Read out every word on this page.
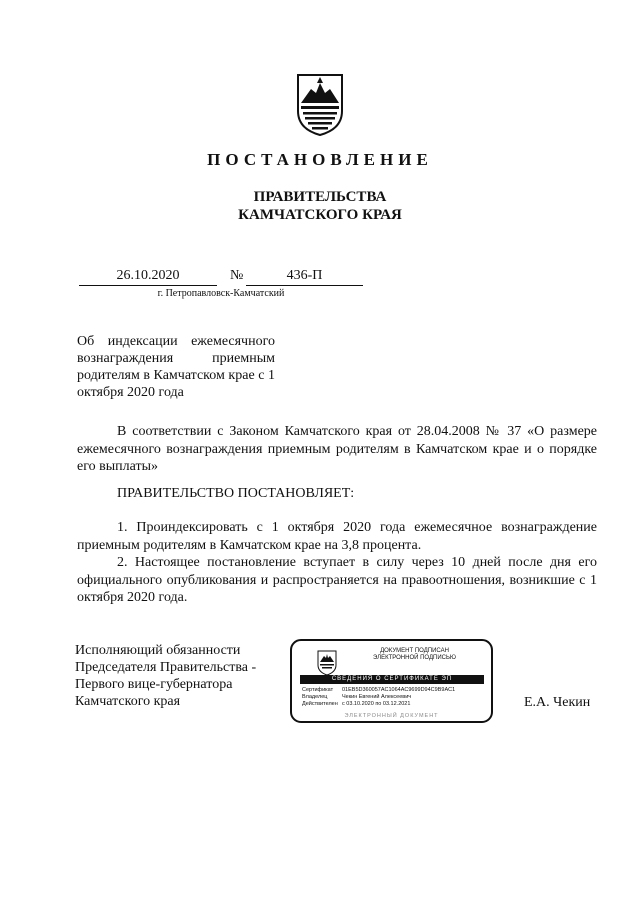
ПОСТАНОВЛЕНИЕ
ПРАВИТЕЛЬСТВА
КАМЧАТСКОГО КРАЯ
26.10.2020	№	436-П
г. Петропавловск-Камчатский
Об индексации ежемесячного вознаграждения приемным родителям в Камчатском крае с 1 октября 2020 года
В соответствии с Законом Камчатского края от 28.04.2008 № 37 «О размере ежемесячного вознаграждения приемным родителям в Камчатском крае и о порядке его выплаты»
ПРАВИТЕЛЬСТВО ПОСТАНОВЛЯЕТ:
1. Проиндексировать с 1 октября 2020 года ежемесячное вознаграждение приемным родителям в Камчатском крае на 3,8 процента.
2. Настоящее постановление вступает в силу через 10 дней после дня его официального опубликования и распространяется на правоотношения, возникшие с 1 октября 2020 года.
Исполняющий обязанности
Председателя Правительства -
Первого вице-губернатора
Камчатского края
ДОКУМЕНТ ПОДПИСАН
ЭЛЕКТРОННОЙ ПОДПИСЬЮ
СВЕДЕНИЯ О СЕРТИФИКАТЕ ЭП
Сертификат	01ЕВ5D360057AC1064AC9699D94C9B9AC1
Владелец	Чекин Евгений Алексеевич
Действителен с 03.10.2020 по 03.12.2021
ЭЛЕКТРОННЫЙ ДОКУМЕНТ
Е.А. Чекин
